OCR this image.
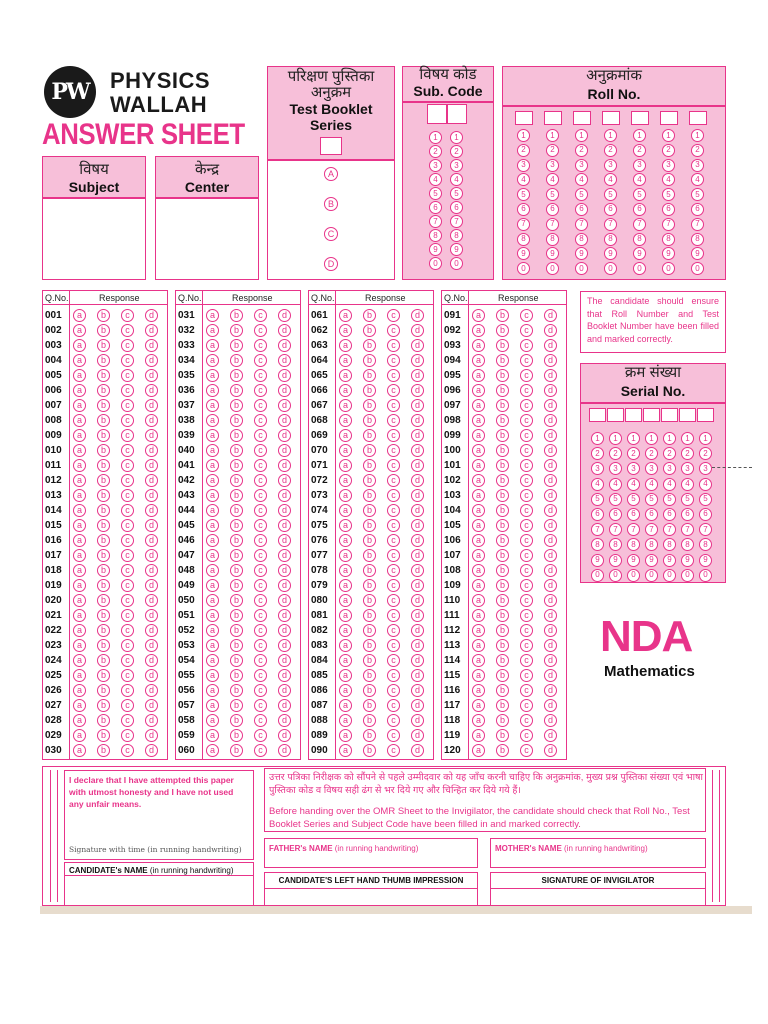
PW PHYSICS
WALLAH
ANSWER SHEET
विषय
Subject
केन्द्र
Center
परिक्षण पुस्तिका
अनुक्रम
Test Booklet
Series
A
B
C
D
विषय कोड
Sub. Code
1
2
3
4
5
6
7
8
9
0
1
2
3
4
5
6
7
8
9
0
अनुक्रमांक
Roll No.
1
2
3
4
5
6
7
8
9
0
1
2
3
4
5
6
7
8
9
0
1
2
3
4
5
6
7
8
9
0
1
2
3
4
5
6
7
8
9
0
1
2
3
4
5
6
7
8
9
0
1
2
3
4
5
6
7
8
9
0
1
2
3
4
5
6
7
8
9
0
Q.No.	Response
001	a	b	c	d
002	a	b	c	d
003	a	b	c	d
004	a	b	c	d
005	a	b	c	d
006	a	b	c	d
007	a	b	c	d
008	a	b	c	d
009	a	b	c	d
010	a	b	c	d
011	a	b	c	d
012	a	b	c	d
013	a	b	c	d
014	a	b	c	d
015	a	b	c	d
016	a	b	c	d
017	a	b	c	d
018	a	b	c	d
019	a	b	c	d
020	a	b	c	d
021	a	b	c	d
022	a	b	c	d
023	a	b	c	d
024	a	b	c	d
025	a	b	c	d
026	a	b	c	d
027	a	b	c	d
028	a	b	c	d
029	a	b	c	d
030	a	b	c	d
Q.No.	Response
031	a	b	c	d
032	a	b	c	d
033	a	b	c	d
034	a	b	c	d
035	a	b	c	d
036	a	b	c	d
037	a	b	c	d
038	a	b	c	d
039	a	b	c	d
040	a	b	c	d
041	a	b	c	d
042	a	b	c	d
043	a	b	c	d
044	a	b	c	d
045	a	b	c	d
046	a	b	c	d
047	a	b	c	d
048	a	b	c	d
049	a	b	c	d
050	a	b	c	d
051	a	b	c	d
052	a	b	c	d
053	a	b	c	d
054	a	b	c	d
055	a	b	c	d
056	a	b	c	d
057	a	b	c	d
058	a	b	c	d
059	a	b	c	d
060	a	b	c	d
Q.No.	Response
061	a	b	c	d
062	a	b	c	d
063	a	b	c	d
064	a	b	c	d
065	a	b	c	d
066	a	b	c	d
067	a	b	c	d
068	a	b	c	d
069	a	b	c	d
070	a	b	c	d
071	a	b	c	d
072	a	b	c	d
073	a	b	c	d
074	a	b	c	d
075	a	b	c	d
076	a	b	c	d
077	a	b	c	d
078	a	b	c	d
079	a	b	c	d
080	a	b	c	d
081	a	b	c	d
082	a	b	c	d
083	a	b	c	d
084	a	b	c	d
085	a	b	c	d
086	a	b	c	d
087	a	b	c	d
088	a	b	c	d
089	a	b	c	d
090	a	b	c	d
Q.No.	Response
091	a	b	c	d
092	a	b	c	d
093	a	b	c	d
094	a	b	c	d
095	a	b	c	d
096	a	b	c	d
097	a	b	c	d
098	a	b	c	d
099	a	b	c	d
100	a	b	c	d
101	a	b	c	d
102	a	b	c	d
103	a	b	c	d
104	a	b	c	d
105	a	b	c	d
106	a	b	c	d
107	a	b	c	d
108	a	b	c	d
109	a	b	c	d
110	a	b	c	d
111	a	b	c	d
112	a	b	c	d
113	a	b	c	d
114	a	b	c	d
115	a	b	c	d
116	a	b	c	d
117	a	b	c	d
118	a	b	c	d
119	a	b	c	d
120	a	b	c	d
The candidate should ensure that Roll Number and Test Booklet Number have been filled and marked correctly.
क्रम संख्या
Serial No.
1
2
3
4
5
6
7
8
9
0
1
2
3
4
5
6
7
8
9
0
1
2
3
4
5
6
7
8
9
0
1
2
3
4
5
6
7
8
9
0
1
2
3
4
5
6
7
8
9
0
1
2
3
4
5
6
7
8
9
0
1
2
3
4
5
6
7
8
9
0
NDA
Mathematics
I declare that I have attempted this paper with utmost honesty and I have not used any unfair means.
Signature with time (in running handwriting)
CANDIDATE's NAME (in running handwriting)
उत्तर पत्रिका निरीक्षक को सौंपने से पहले उम्मीदवार को यह जाँच करनी चाहिए कि अनुक्रमांक, मुख्य प्रश्न पुस्तिका संख्या एवं भाषा पुस्तिका कोड व विषय सही ढंग से भर दिये गए और चिन्हित कर दिये गये हैं।
Before handing over the OMR Sheet to the Invigilator, the candidate should check that Roll No., Test Booklet Series and Subject Code have been filled in and marked correctly.
FATHER's NAME (in running handwriting)	MOTHER's NAME (in running handwriting)
CANDIDATE'S LEFT HAND THUMB IMPRESSION	SIGNATURE OF INVIGILATOR
